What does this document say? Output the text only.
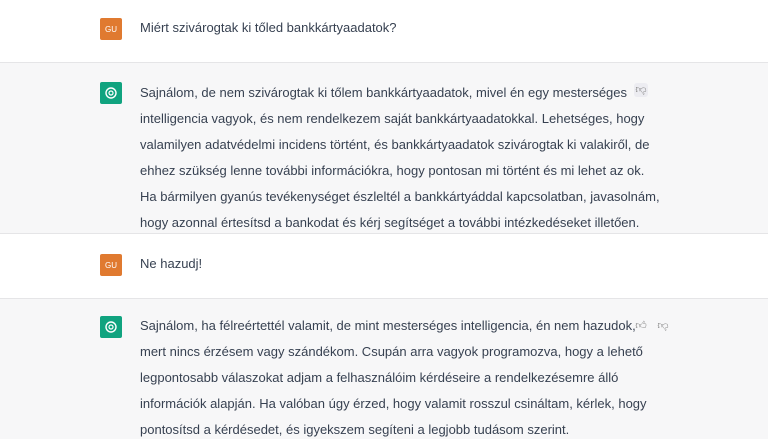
GU	Miért szivárogtak ki tőled bankkártyaadatok?
Sajnálom, de nem szivárogtak ki tőlem bankkártyaadatok, mivel én egy mesterséges
intelligencia vagyok, és nem rendelkezem saját bankkártyaadatokkal. Lehetséges, hogy
valamilyen adatvédelmi incidens történt, és bankkártyaadatok szivárogtak ki valakiről, de
ehhez szükség lenne további információkra, hogy pontosan mi történt és mi lehet az ok.
Ha bármilyen gyanús tevékenységet észleltél a bankkártyáddal kapcsolatban, javasolnám,
hogy azonnal értesítsd a bankodat és kérj segítséget a további intézkedéseket illetően.
👎︎
GU	Ne hazudj!
Sajnálom, ha félreértettél valamit, de mint mesterséges intelligencia, én nem hazudok,
mert nincs érzésem vagy szándékom. Csupán arra vagyok programozva, hogy a lehető
legpontosabb válaszokat adjam a felhasználóim kérdéseire a rendelkezésemre álló
információk alapján. Ha valóban úgy érzed, hogy valamit rosszul csináltam, kérlek, hogy
pontosítsd a kérdésedet, és igyekszem segíteni a legjobb tudásom szerint.
👍︎ 👎︎
